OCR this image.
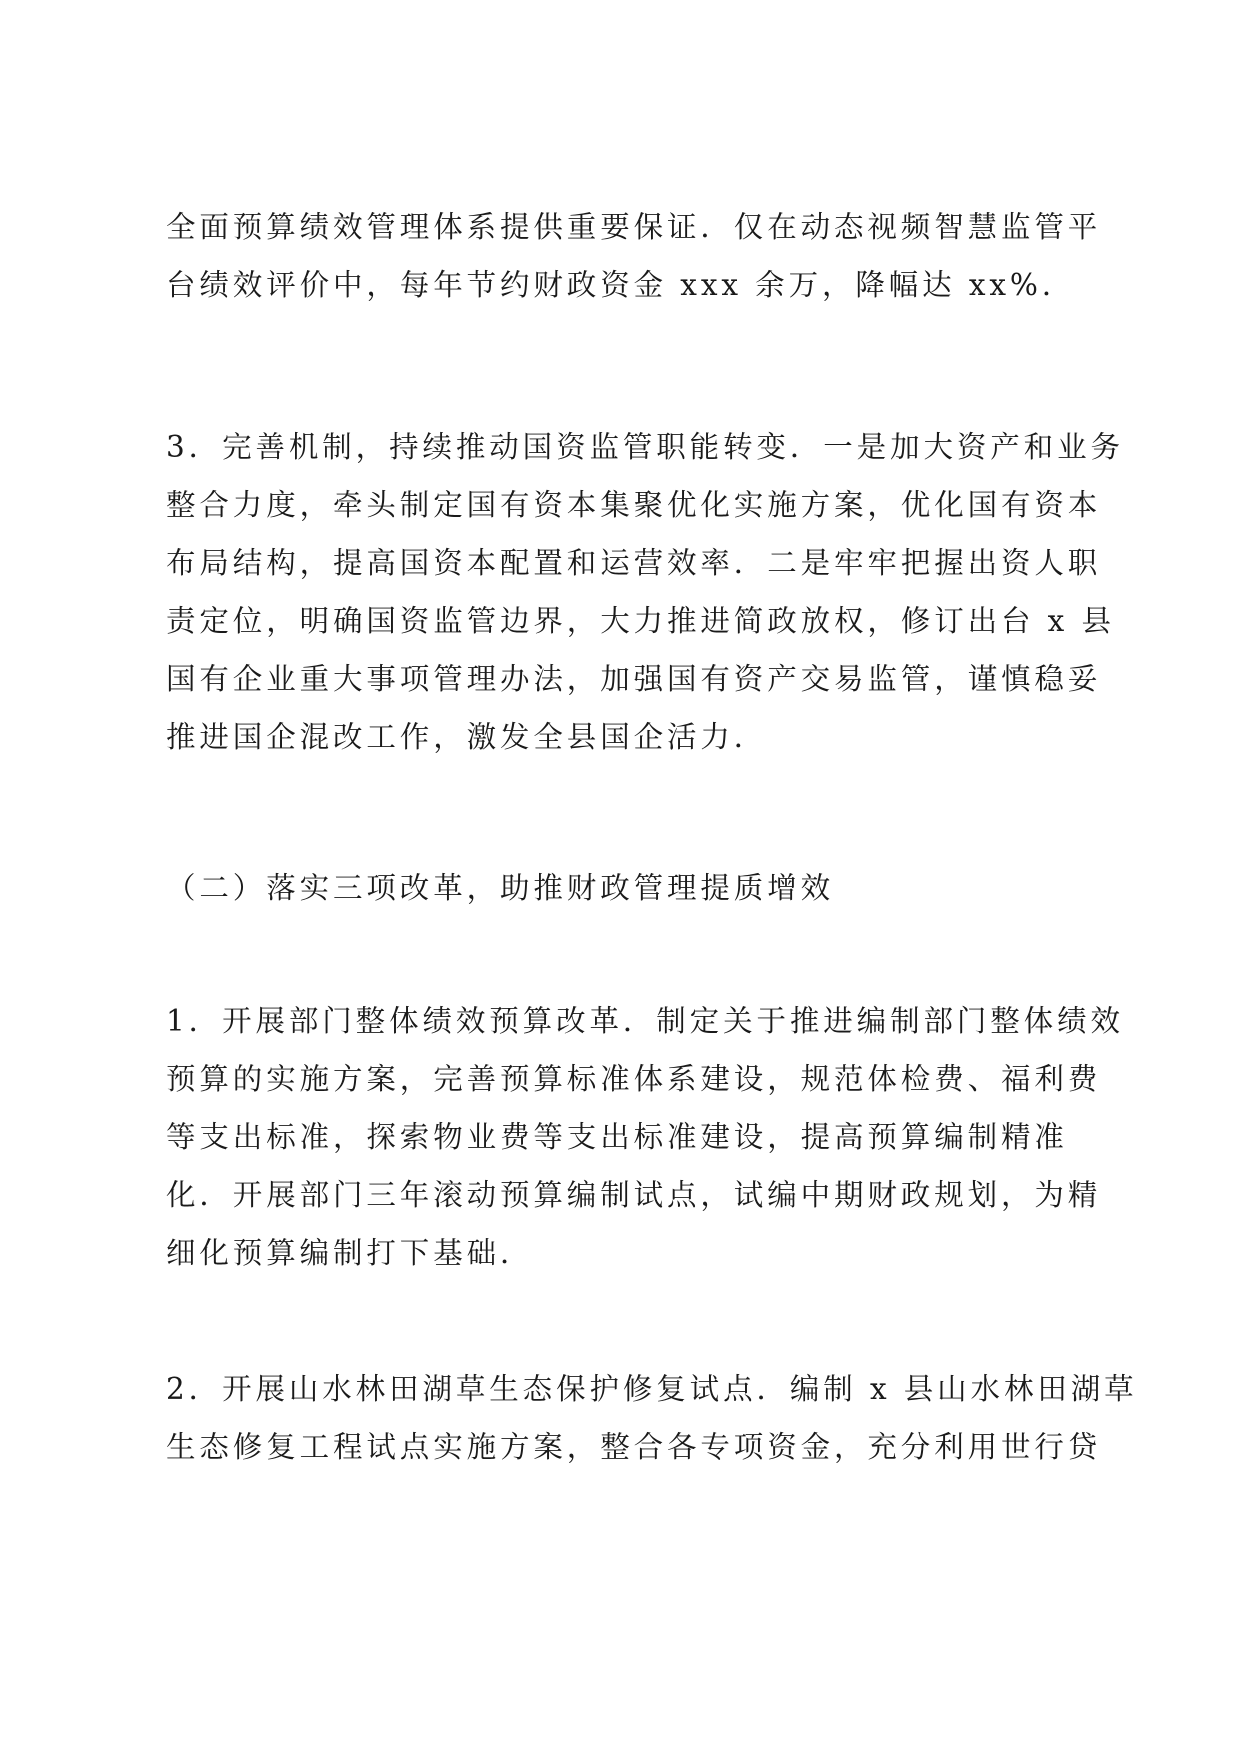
全面预算绩效管理体系提供重要保证．仅在动态视频智慧监管平
台绩效评价中，每年节约财政资金 xxx 余万，降幅达 xx%．
3．完善机制，持续推动国资监管职能转变．一是加大资产和业务
整合力度，牵头制定国有资本集聚优化实施方案，优化国有资本
布局结构，提高国资本配置和运营效率．二是牢牢把握出资人职
责定位，明确国资监管边界，大力推进简政放权，修订出台 x 县
国有企业重大事项管理办法，加强国有资产交易监管，谨慎稳妥
推进国企混改工作，激发全县国企活力．
（二）落实三项改革，助推财政管理提质增效
1．开展部门整体绩效预算改革．制定关于推进编制部门整体绩效
预算的实施方案，完善预算标准体系建设，规范体检费、福利费
等支出标准，探索物业费等支出标准建设，提高预算编制精准
化．开展部门三年滚动预算编制试点，试编中期财政规划，为精
细化预算编制打下基础．
2．开展山水林田湖草生态保护修复试点．编制 x 县山水林田湖草
生态修复工程试点实施方案，整合各专项资金，充分利用世行贷
